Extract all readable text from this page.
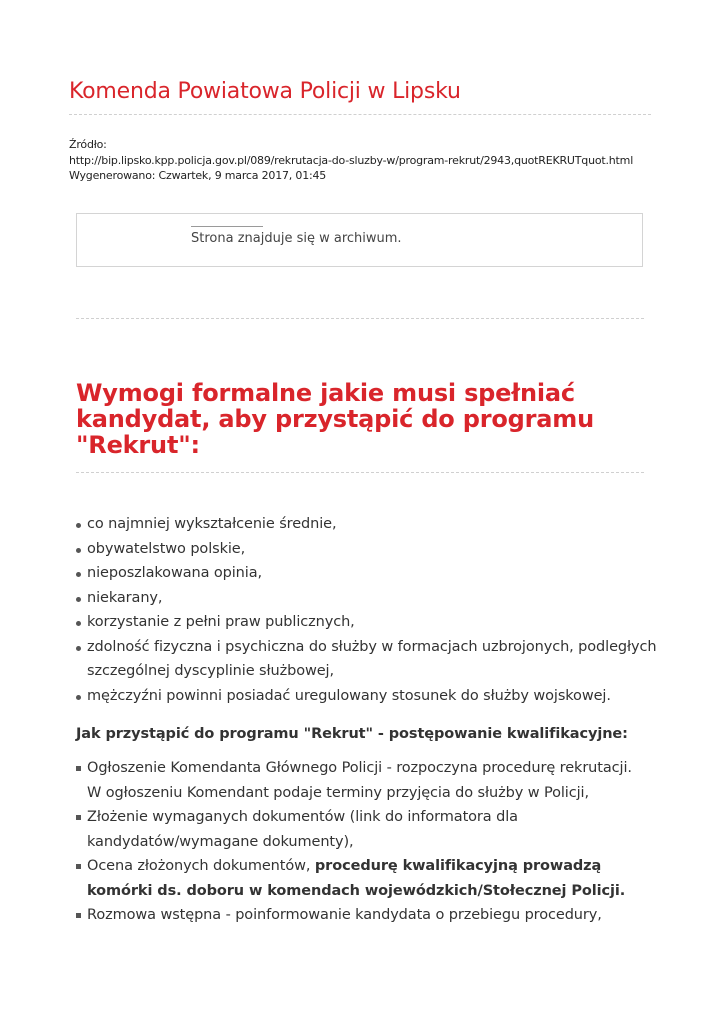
Komenda Powiatowa Policji w Lipsku
Źródło:
http://bip.lipsko.kpp.policja.gov.pl/089/rekrutacja-do-sluzby-w/program-rekrut/2943,quotREKRUTquot.html
Wygenerowano: Czwartek, 9 marca 2017, 01:45
Strona znajduje się w archiwum.
Wymogi formalne jakie musi spełniać
kandydat, aby przystąpić do programu
"Rekrut":
co najmniej wykształcenie średnie,
obywatelstwo polskie,
nieposzlakowana opinia,
niekarany,
korzystanie z pełni praw publicznych,
zdolność fizyczna i psychiczna do służby w formacjach uzbrojonych, podległych
szczególnej dyscyplinie służbowej,
mężczyźni powinni posiadać uregulowany stosunek do służby wojskowej.
Jak przystąpić do programu "Rekrut" - postępowanie kwalifikacyjne:
Ogłoszenie Komendanta Głównego Policji - rozpoczyna procedurę rekrutacji.
W ogłoszeniu Komendant podaje terminy przyjęcia do służby w Policji,
Złożenie wymaganych dokumentów (link do informatora dla
kandydatów/wymagane dokumenty),
Ocena złożonych dokumentów, procedurę kwalifikacyjną prowadzą
komórki ds. doboru w komendach wojewódzkich/Stołecznej Policji.
Rozmowa wstępna - poinformowanie kandydata o przebiegu procedury,
